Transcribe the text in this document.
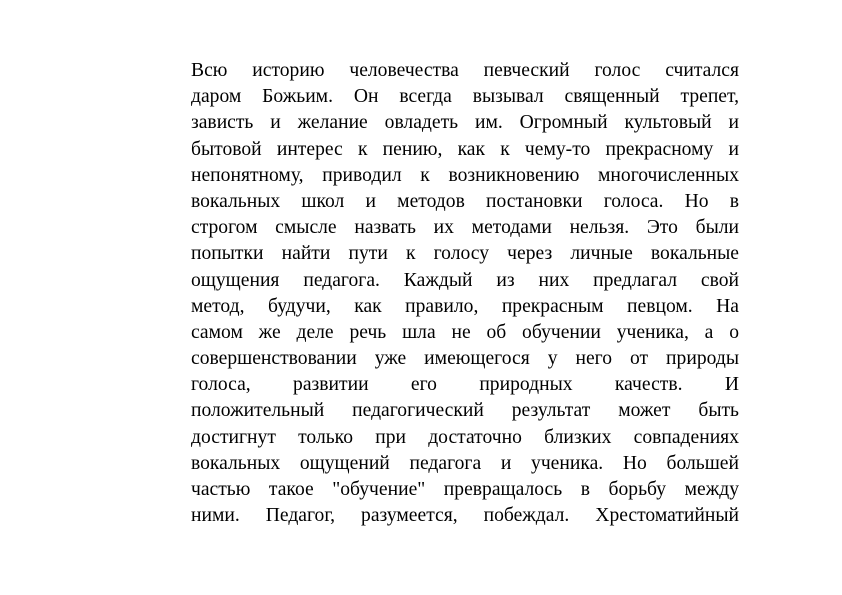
Всю историю человечества певческий голос считался
даром Божьим. Он всегда вызывал священный трепет,
зависть и желание овладеть им. Огромный культовый и
бытовой интерес к пению, как к чему-то прекрасному и
непонятному, приводил к возникновению многочисленных
вокальных школ и методов постановки голоса. Но в
строгом смысле назвать их методами нельзя. Это были
попытки найти пути к голосу через личные вокальные
ощущения педагога. Каждый из них предлагал свой
метод, будучи, как правило, прекрасным певцом. На
самом же деле речь шла не об обучении ученика, а о
совершенствовании уже имеющегося у него от природы
голоса, развитии его природных качеств. И
положительный педагогический результат может быть
достигнут только при достаточно близких совпадениях
вокальных ощущений педагога и ученика. Но большей
частью такое "обучение" превращалось в борьбу между
ними. Педагог, разумеется, побеждал. Хрестоматийный
